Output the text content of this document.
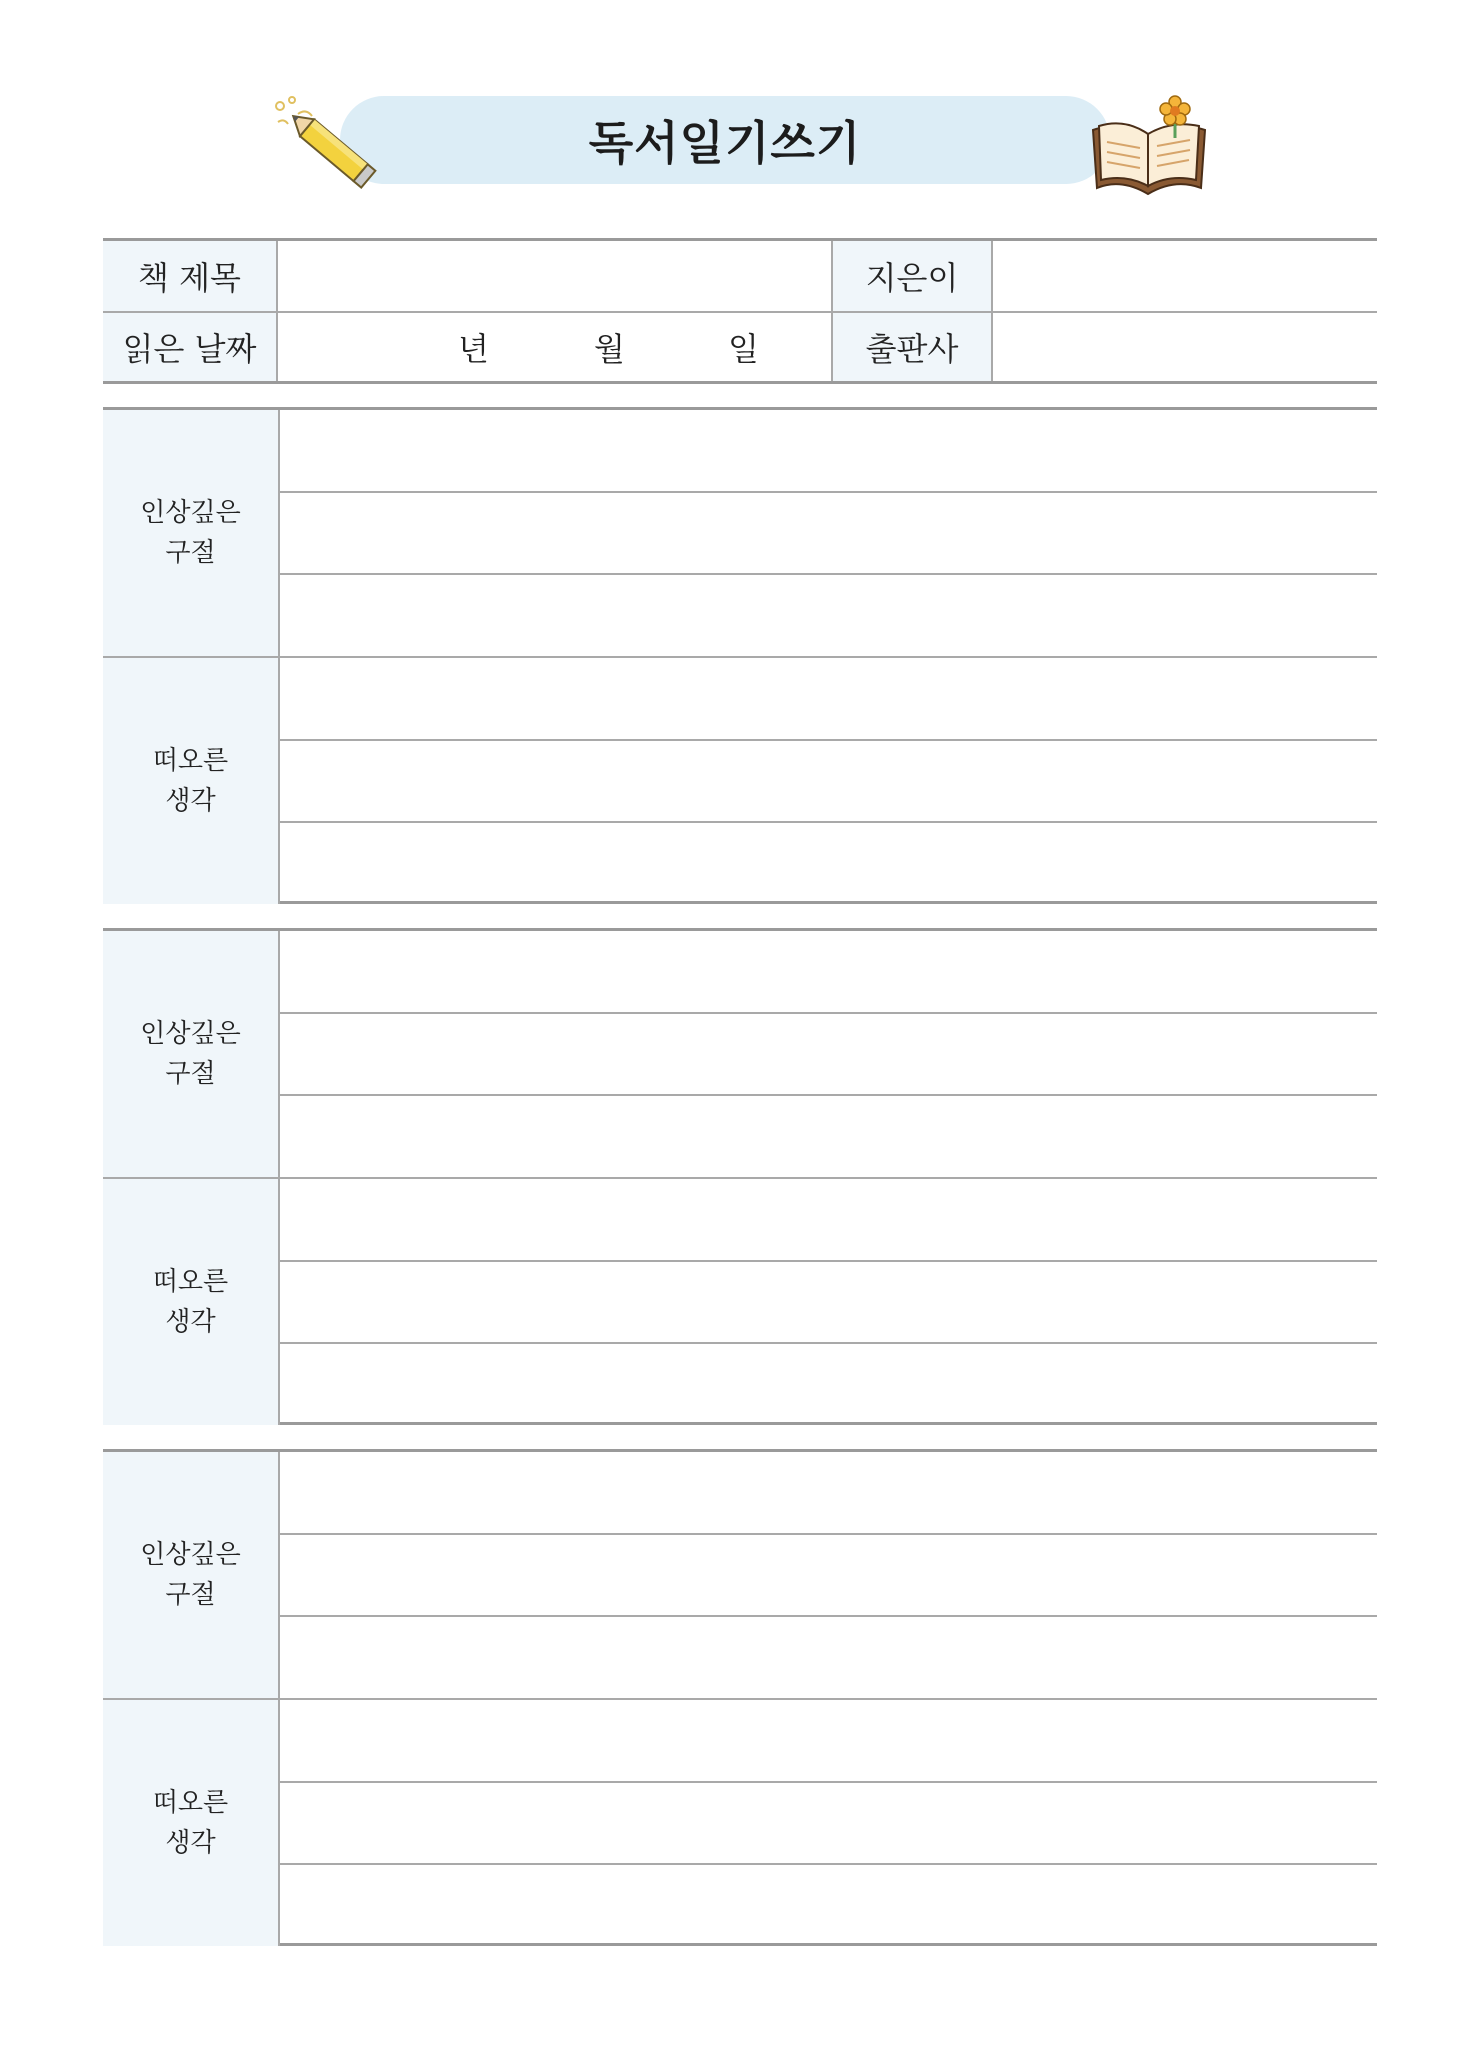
독서일기쓰기
책 제목	지은이
읽은 날짜	년	월	일	출판사
인상깊은
구절
떠오른
생각
인상깊은
구절
떠오른
생각
인상깊은
구절
떠오른
생각
